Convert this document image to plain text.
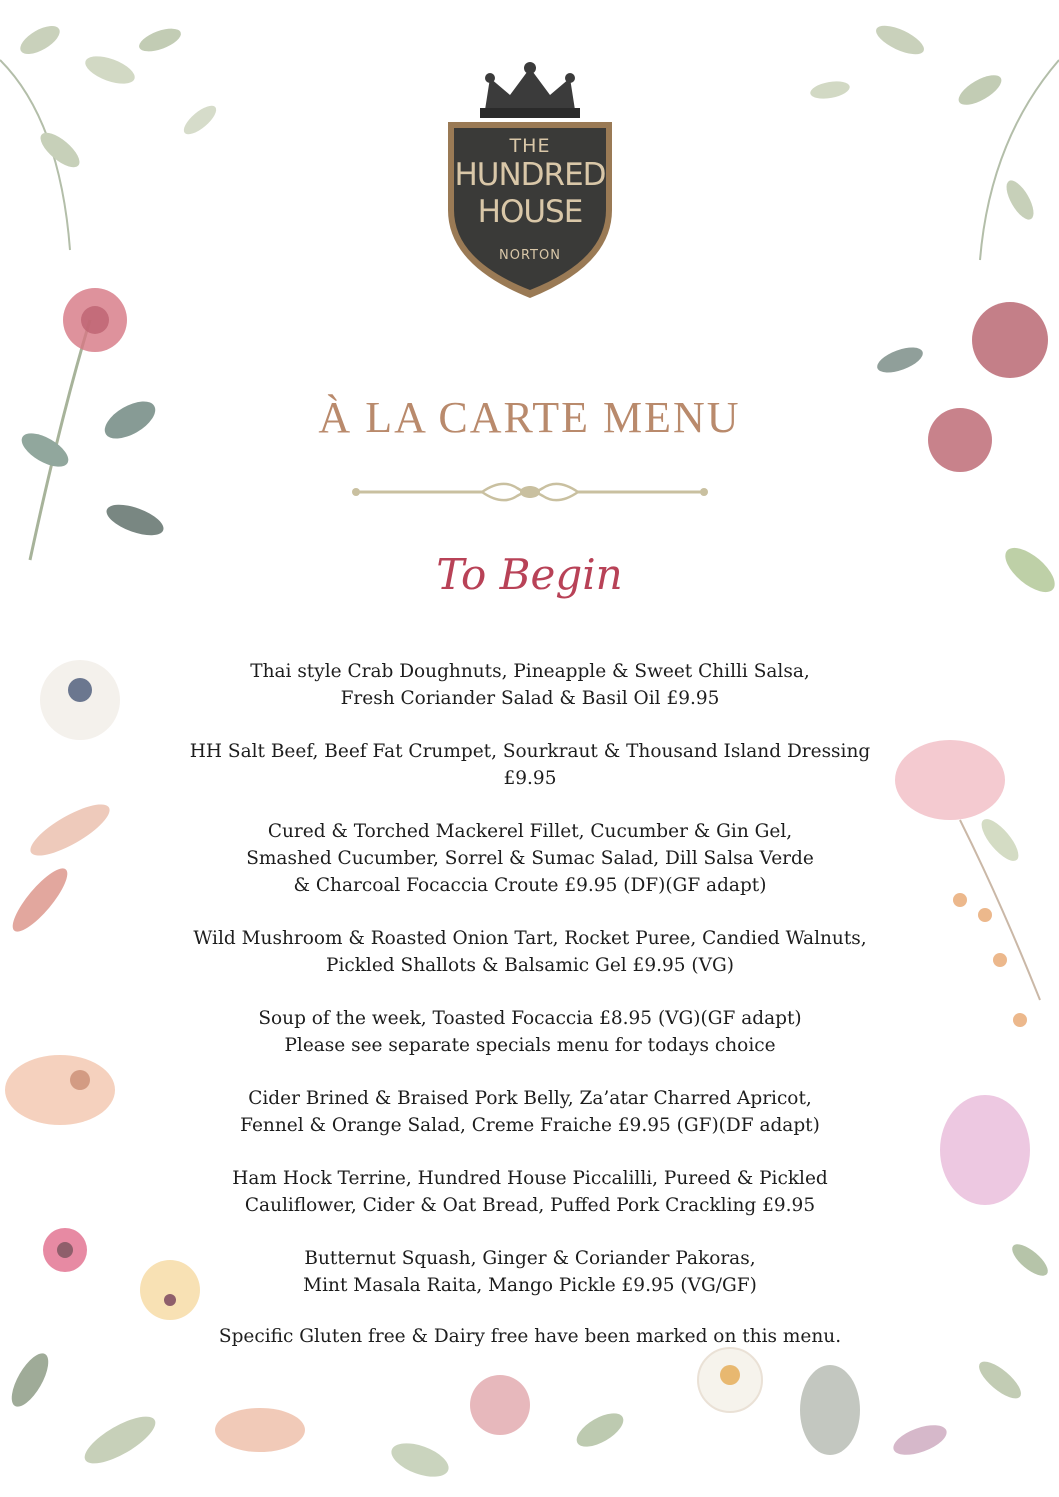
THE
HUNDRED
HOUSE
NORTON
À LA CARTE MENU
To Begin
Thai style Crab Doughnuts, Pineapple & Sweet Chilli Salsa,
Fresh Coriander Salad & Basil Oil £9.95
HH Salt Beef, Beef Fat Crumpet, Sourkraut & Thousand Island Dressing
£9.95
Cured & Torched Mackerel Fillet, Cucumber & Gin Gel,
Smashed Cucumber, Sorrel & Sumac Salad, Dill Salsa Verde
& Charcoal Focaccia Croute £9.95 (DF)(GF adapt)
Wild Mushroom & Roasted Onion Tart, Rocket Puree, Candied Walnuts,
Pickled Shallots & Balsamic Gel £9.95 (VG)
Soup of the week, Toasted Focaccia £8.95 (VG)(GF adapt)
Please see separate specials menu for todays choice
Cider Brined & Braised Pork Belly, Za’atar Charred Apricot,
Fennel & Orange Salad, Creme Fraiche £9.95 (GF)(DF adapt)
Ham Hock Terrine, Hundred House Piccalilli, Pureed & Pickled
Cauliflower, Cider & Oat Bread, Puffed Pork Crackling £9.95
Butternut Squash, Ginger & Coriander Pakoras,
Mint Masala Raita, Mango Pickle £9.95 (VG/GF)
Specific Gluten free & Dairy free have been marked on this menu.
